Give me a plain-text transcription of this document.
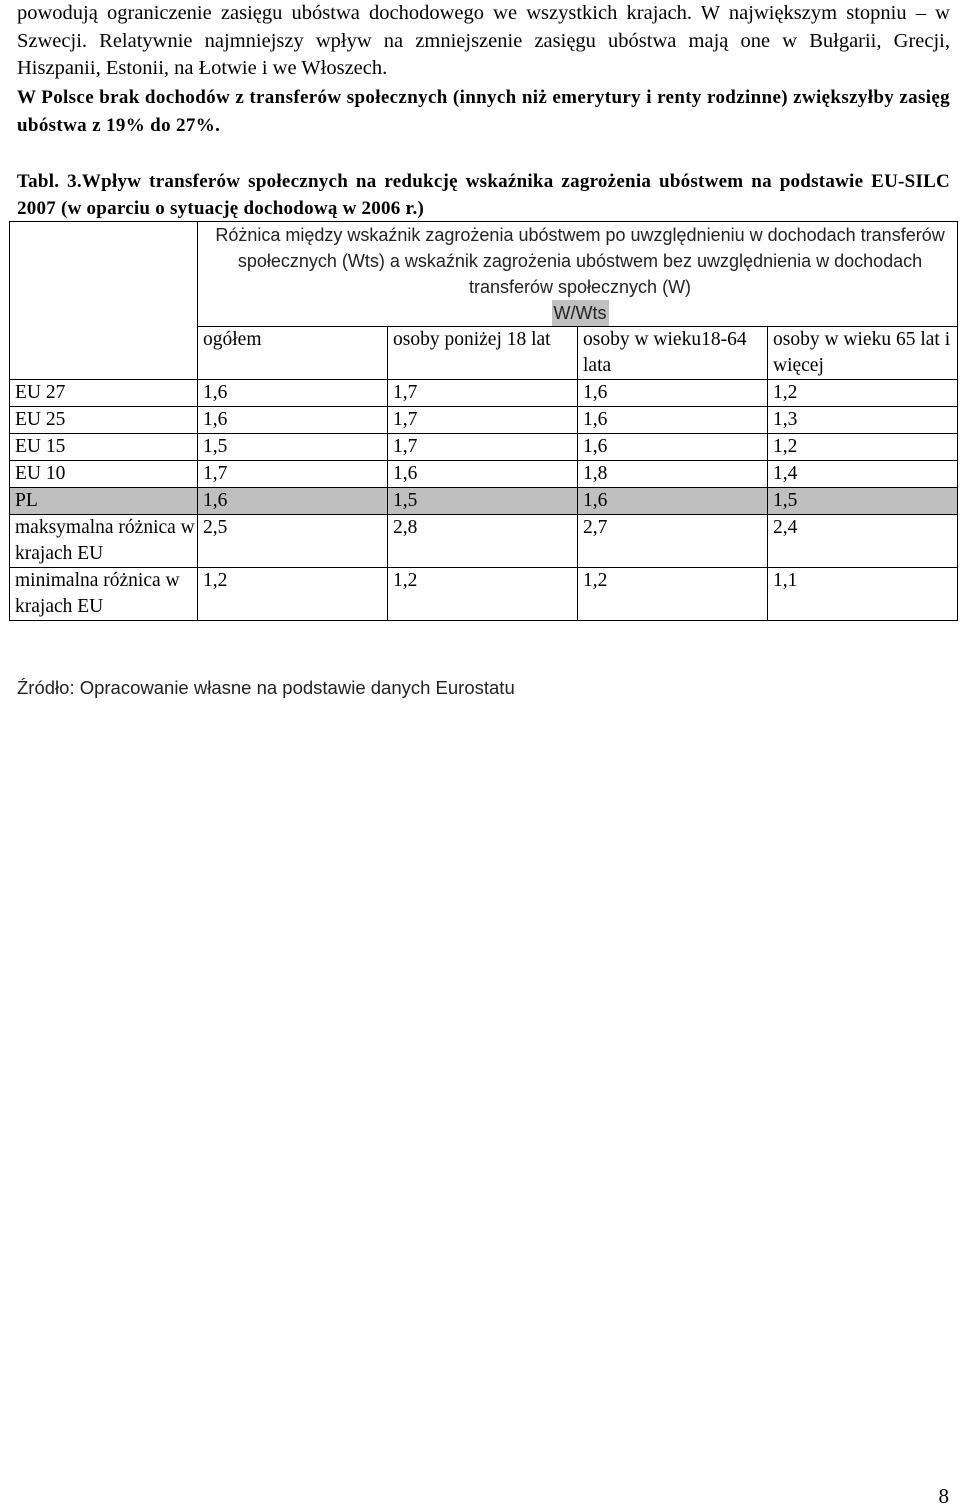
powodują ograniczenie zasięgu ubóstwa dochodowego we wszystkich krajach. W największym stopniu – w Szwecji. Relatywnie najmniejszy wpływ na zmniejszenie zasięgu ubóstwa mają one w Bułgarii, Grecji, Hiszpanii, Estonii, na Łotwie i we Włoszech.
W Polsce brak dochodów z transferów społecznych (innych niż emerytury i renty rodzinne) zwiększyłby zasięg ubóstwa z 19% do 27%.
Tabl. 3.Wpływ transferów społecznych na redukcję wskaźnika zagrożenia ubóstwem na podstawie EU-SILC 2007 (w oparciu o sytuację dochodową w 2006 r.)
	Różnica między wskaźnik zagrożenia ubóstwem po uwzględnieniu w dochodach transferów społecznych (Wts) a wskaźnik zagrożenia ubóstwem bez uwzględnienia w dochodach transferów społecznych (W)
W/Wts			
	ogółem	osoby poniżej 18 lat	osoby w wieku18-64 lata	osoby w wieku 65 lat i więcej
EU 27	1,6	1,7	1,6	1,2
EU 25	1,6	1,7	1,6	1,3
EU 15	1,5	1,7	1,6	1,2
EU 10	1,7	1,6	1,8	1,4
PL	1,6	1,5	1,6	1,5
maksymalna różnica w krajach EU	2,5	2,8	2,7	2,4
minimalna różnica w krajach EU	1,2	1,2	1,2	1,1
Źródło: Opracowanie własne na podstawie danych Eurostatu
8
